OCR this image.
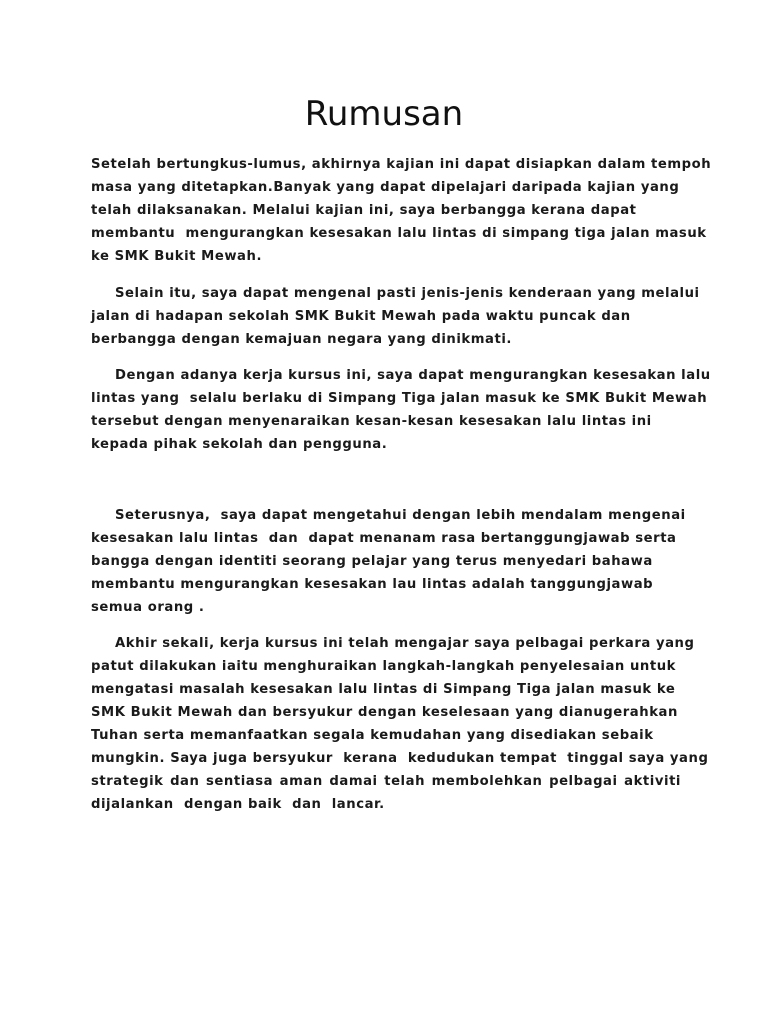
Rumusan
Setelah bertungkus-lumus, akhirnya kajian ini dapat disiapkan dalam tempoh
masa yang ditetapkan.Banyak yang dapat dipelajari daripada kajian yang
telah dilaksanakan. Melalui kajian ini, saya berbangga kerana dapat
membantu  mengurangkan kesesakan lalu lintas di simpang tiga jalan masuk
ke SMK Bukit Mewah.
Selain itu, saya dapat mengenal pasti jenis-jenis kenderaan yang melalui
jalan di hadapan sekolah SMK Bukit Mewah pada waktu puncak dan
berbangga dengan kemajuan negara yang dinikmati.
Dengan adanya kerja kursus ini, saya dapat mengurangkan kesesakan lalu
lintas yang  selalu berlaku di Simpang Tiga jalan masuk ke SMK Bukit Mewah
tersebut dengan menyenaraikan kesan-kesan kesesakan lalu lintas ini
kepada pihak sekolah dan pengguna.
Seterusnya,  saya dapat mengetahui dengan lebih mendalam mengenai
kesesakan lalu lintas  dan  dapat menanam rasa bertanggungjawab serta
bangga dengan identiti seorang pelajar yang terus menyedari bahawa
membantu mengurangkan kesesakan lau lintas adalah tanggungjawab
semua orang .
Akhir sekali, kerja kursus ini telah mengajar saya pelbagai perkara yang
patut dilakukan iaitu menghuraikan langkah-langkah penyelesaian untuk
mengatasi masalah kesesakan lalu lintas di Simpang Tiga jalan masuk ke
SMK Bukit Mewah dan bersyukur dengan keselesaan yang dianugerahkan
Tuhan serta memanfaatkan segala kemudahan yang disediakan sebaik
mungkin. Saya juga bersyukur  kerana  kedudukan tempat  tinggal saya yang
strategik dan sentiasa aman damai telah membolehkan pelbagai aktiviti
dijalankan  dengan baik  dan  lancar.
